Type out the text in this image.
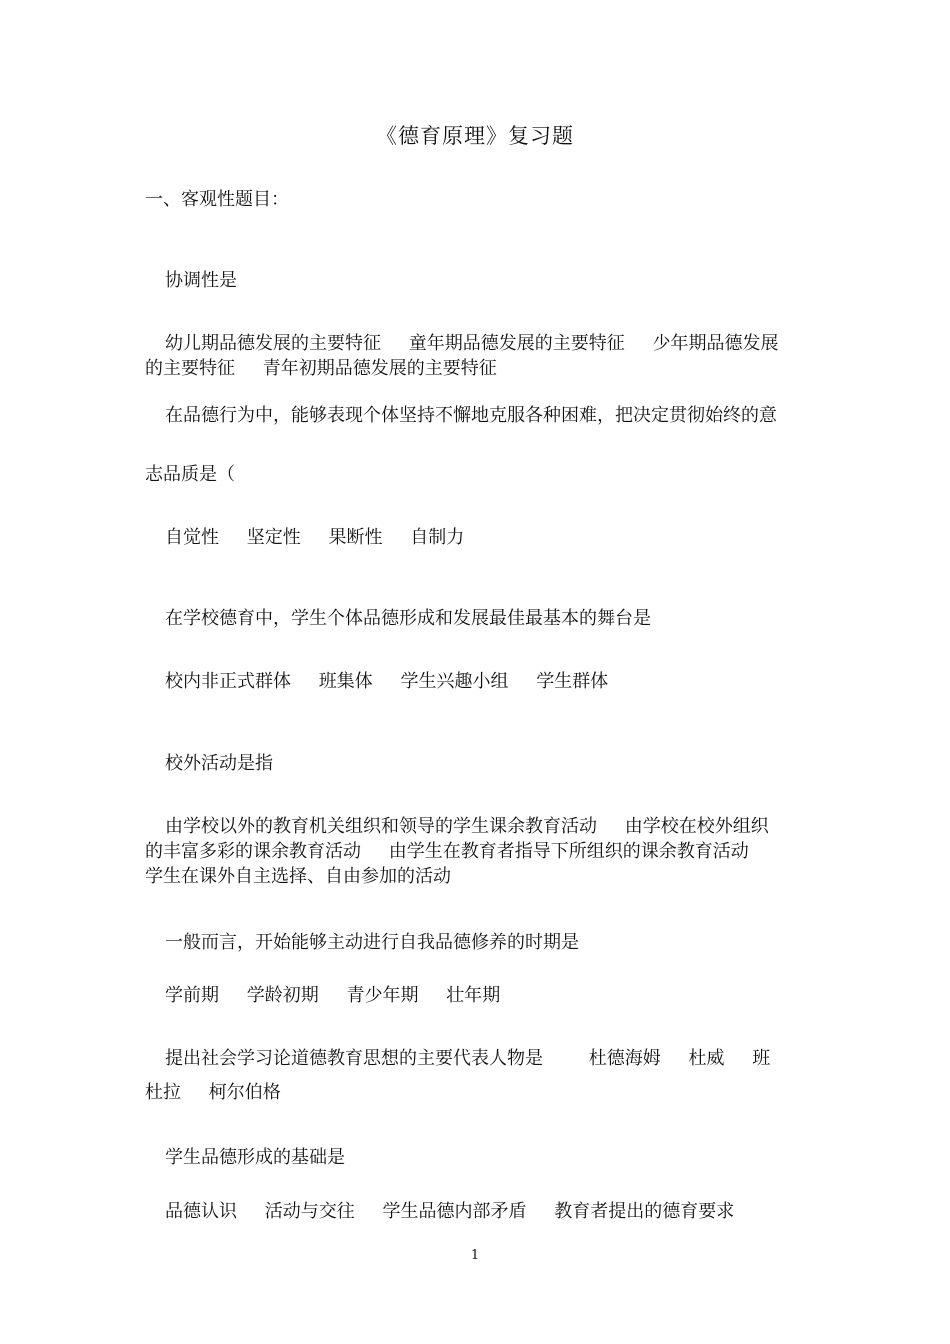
《德育原理》复习题
一、客观性题目：
协调性是
幼儿期品德发展的主要特征 童年期品德发展的主要特征 少年期品德发展
的主要特征 青年初期品德发展的主要特征
在品德行为中，能够表现个体坚持不懈地克服各种困难，把决定贯彻始终的意
志品质是（
自觉性 坚定性 果断性 自制力
在学校德育中，学生个体品德形成和发展最佳最基本的舞台是
校内非正式群体 班集体 学生兴趣小组 学生群体
校外活动是指
由学校以外的教育机关组织和领导的学生课余教育活动 由学校在校外组织
的丰富多彩的课余教育活动 由学生在教育者指导下所组织的课余教育活动
学生在课外自主选择、自由参加的活动
一般而言，开始能够主动进行自我品德修养的时期是
学前期 学龄初期 青少年期 壮年期
提出社会学习论道德教育思想的主要代表人物是	杜德海姆 杜威 班
杜拉 柯尔伯格
学生品德形成的基础是
品德认识 活动与交往 学生品德内部矛盾 教育者提出的德育要求
1
